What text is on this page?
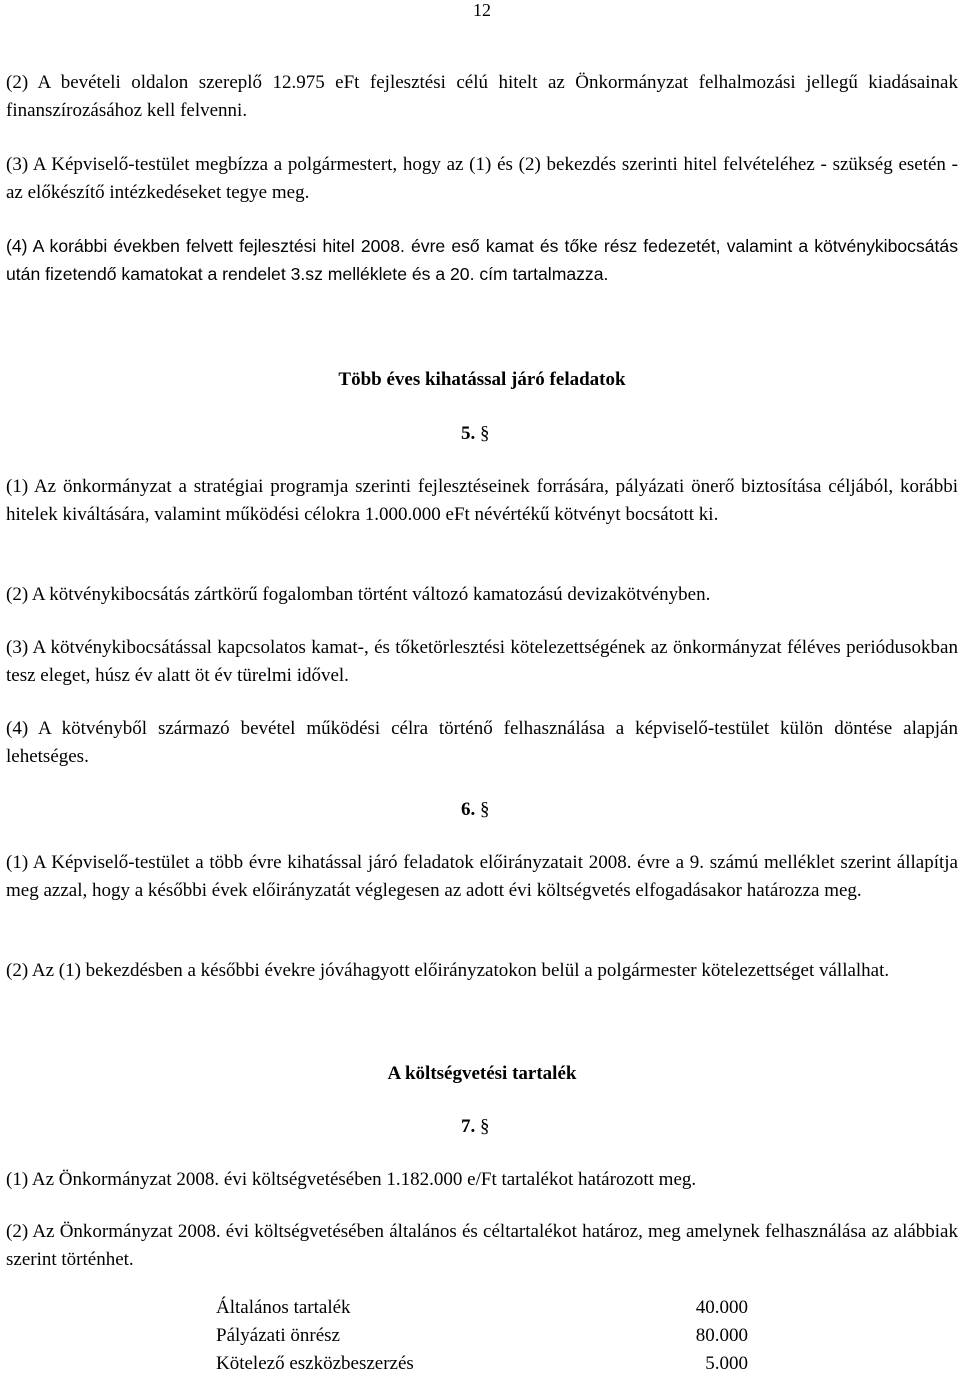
12

(2) A bevételi oldalon szereplő 12.975 eFt fejlesztési célú hitelt az Önkormányzat felhalmozási jellegű kiadásainak finanszírozásához kell felvenni.

(3) A Képviselő-testület megbízza a polgármestert, hogy az (1) és (2) bekezdés szerinti hitel felvételéhez - szükség esetén - az előkészítő intézkedéseket tegye meg.

(4) A korábbi években felvett fejlesztési hitel 2008. évre eső kamat és tőke rész fedezetét, valamint a kötvénykibocsátás után fizetendő kamatokat a rendelet 3.sz melléklete és a 20. cím tartalmazza.

Több éves kihatással járó feladatok
5. §

(1) Az önkormányzat a stratégiai programja szerinti fejlesztéseinek forrására, pályázati önerő biztosítása céljából, korábbi hitelek kiváltására, valamint működési célokra 1.000.000 eFt névértékű kötvényt bocsátott ki.

(2) A kötvénykibocsátás zártkörű fogalomban történt változó kamatozású devizakötvényben.

(3) A kötvénykibocsátással kapcsolatos kamat-, és tőketörlesztési kötelezettségének az önkormányzat féléves periódusokban tesz eleget, húsz év alatt öt év türelmi idővel.

(4) A kötvényből származó bevétel működési célra történő felhasználása a képviselő-testület külön döntése alapján lehetséges.

6. §

(1) A Képviselő-testület a több évre kihatással járó feladatok előirányzatait 2008. évre a 9. számú melléklet szerint állapítja meg azzal, hogy a későbbi évek előirányzatát véglegesen az adott évi költségvetés elfogadásakor határozza meg.

(2) Az (1) bekezdésben a későbbi évekre jóváhagyott előirányzatokon belül a polgármester kötelezettséget vállalhat.

A költségvetési tartalék
7. §

(1) Az Önkormányzat 2008. évi költségvetésében 1.182.000 e/Ft tartalékot határozott meg.

(2) Az Önkormányzat 2008. évi költségvetésében általános és céltartalékot határoz, meg amelynek felhasználása az alábbiak szerint történhet.

Általános tartalék	40.000
Pályázati önrész	80.000
Kötelező eszközbeszerzés	5.000
